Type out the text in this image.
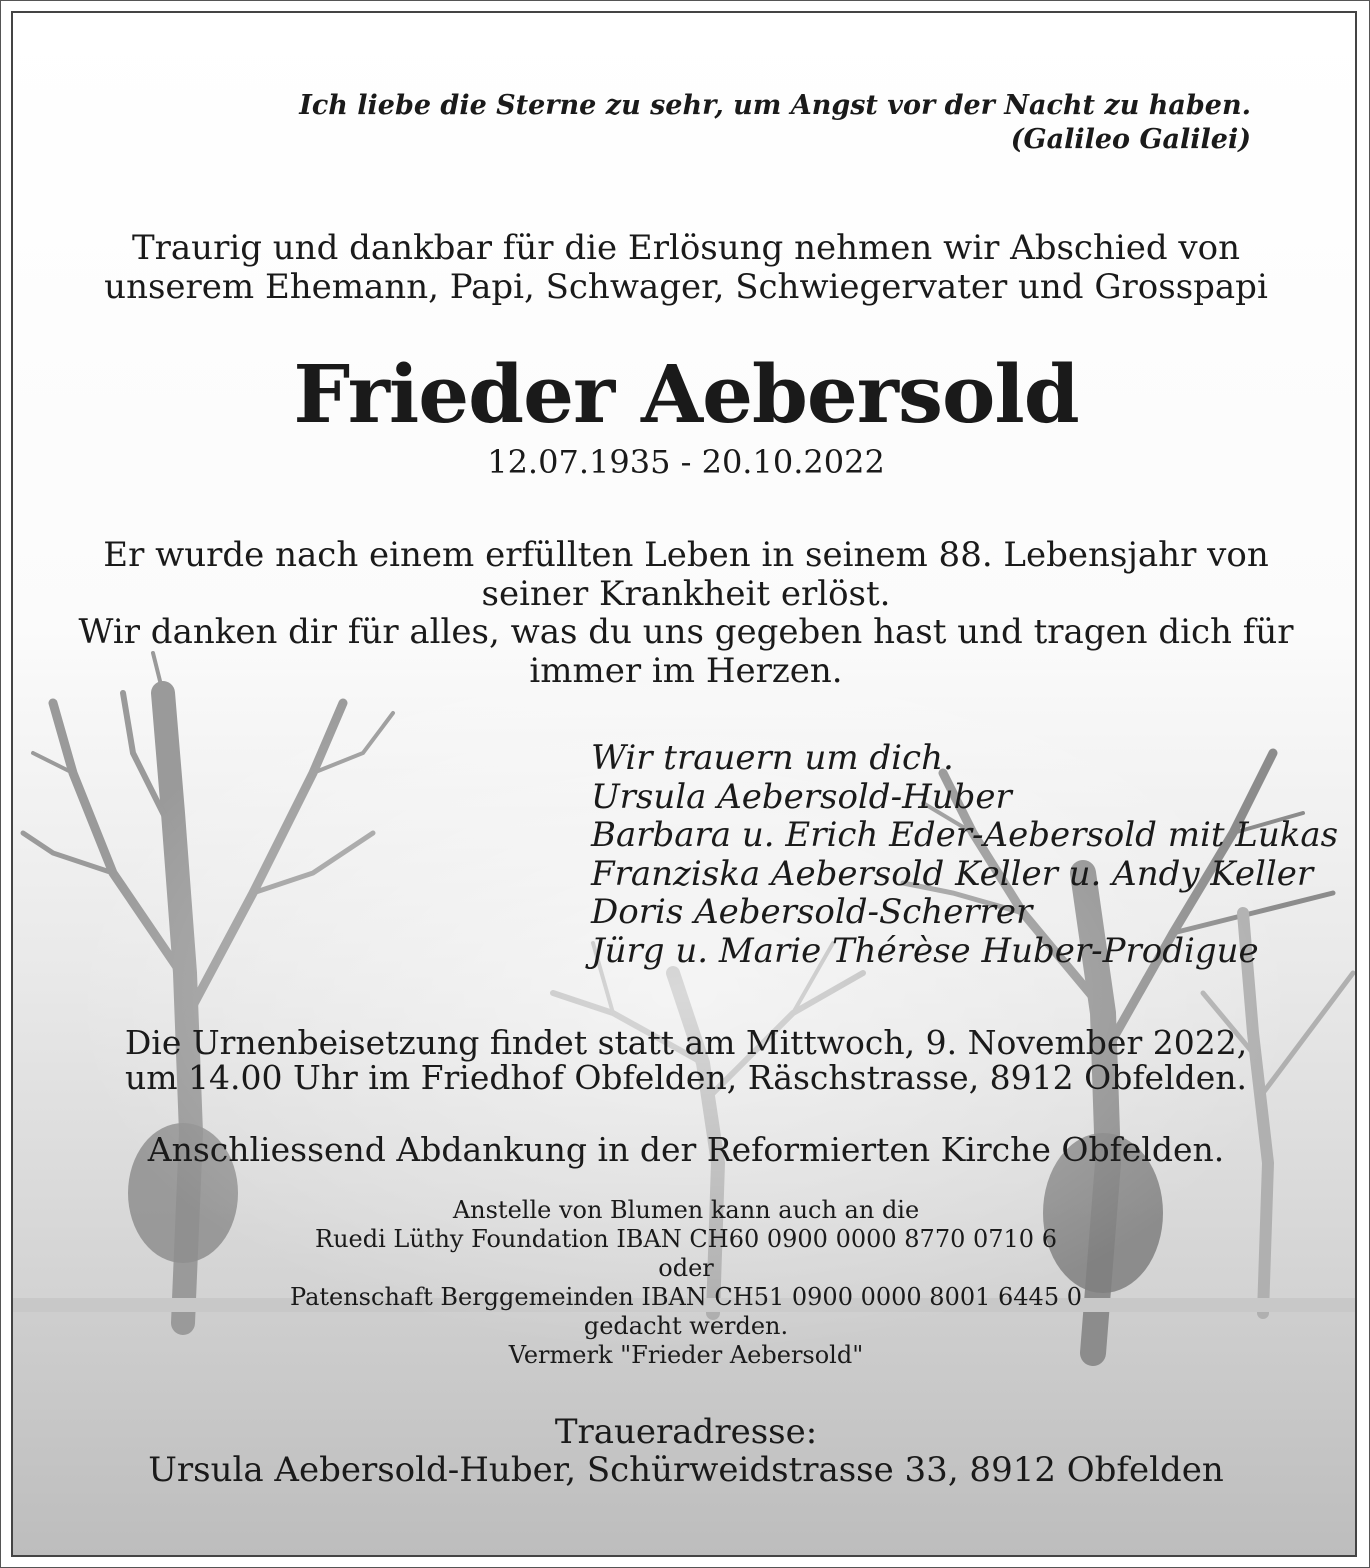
Ich liebe die Sterne zu sehr, um Angst vor der Nacht zu haben.
(Galileo Galilei)
Traurig und dankbar für die Erlösung nehmen wir Abschied von
unserem Ehemann, Papi, Schwager, Schwiegervater und Grosspapi
Frieder Aebersold
12.07.1935 - 20.10.2022
Er wurde nach einem erfüllten Leben in seinem 88. Lebensjahr von
seiner Krankheit erlöst.
Wir danken dir für alles, was du uns gegeben hast und tragen dich für
immer im Herzen.
Wir trauern um dich.
Ursula Aebersold-Huber
Barbara u. Erich Eder-Aebersold mit Lukas
Franziska Aebersold Keller u. Andy Keller
Doris Aebersold-Scherrer
Jürg u. Marie Thérèse Huber-Prodigue
Die Urnenbeisetzung findet statt am Mittwoch, 9. November 2022,
um 14.00 Uhr im Friedhof Obfelden, Räschstrasse, 8912 Obfelden.
Anschliessend Abdankung in der Reformierten Kirche Obfelden.
Anstelle von Blumen kann auch an die
Ruedi Lüthy Foundation IBAN CH60 0900 0000 8770 0710 6
oder
Patenschaft Berggemeinden IBAN CH51 0900 0000 8001 6445 0
gedacht werden.
Vermerk "Frieder Aebersold"
Traueradresse:
Ursula Aebersold-Huber, Schürweidstrasse 33, 8912 Obfelden
